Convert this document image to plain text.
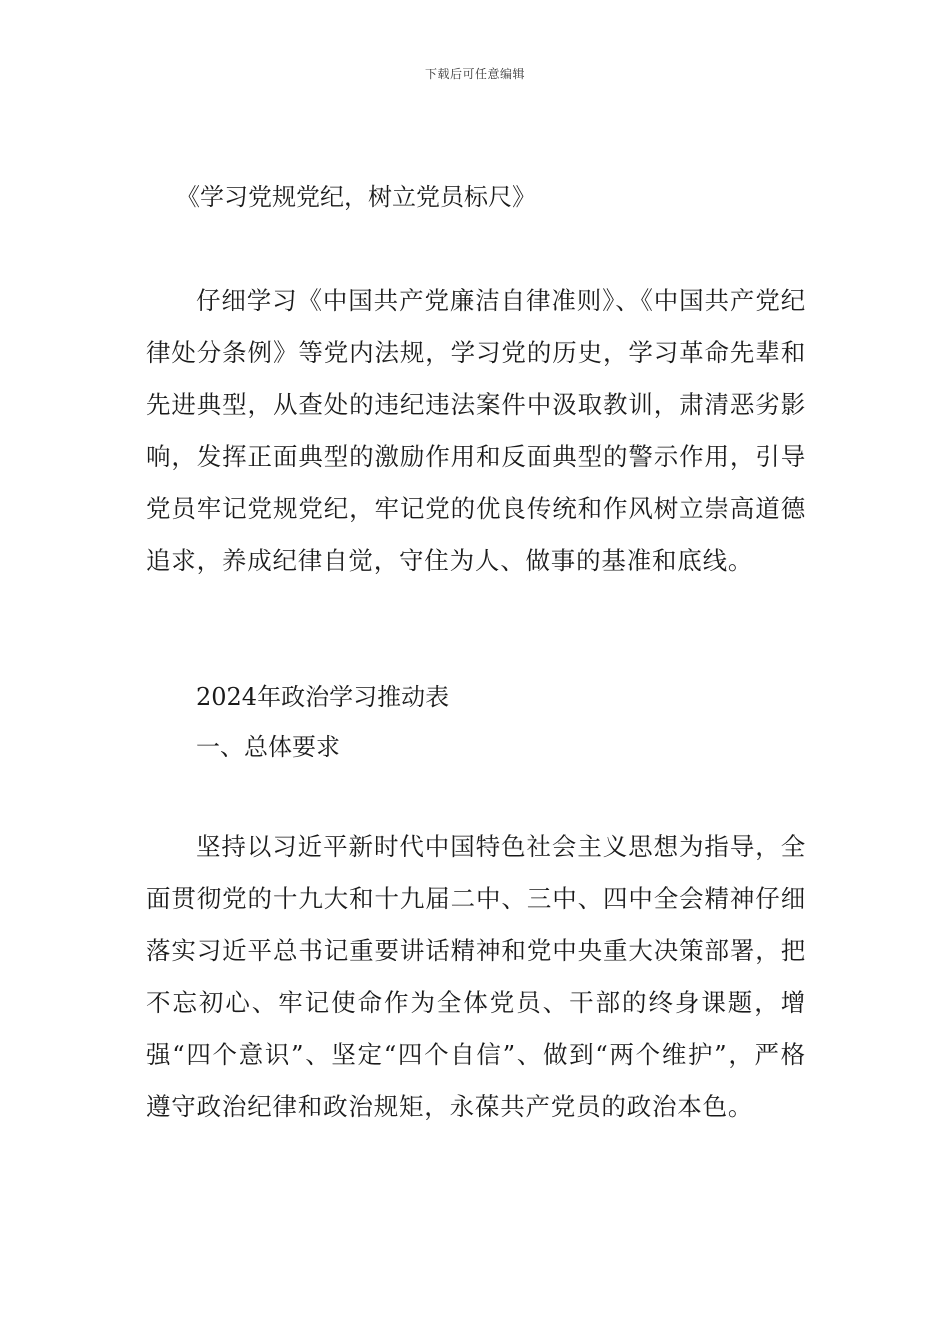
下载后可任意编辑
《学习党规党纪，树立党员标尺》

仔细学习《中国共产党廉洁自律准则》、《中国共产党纪律处分条例》等党内法规，学习党的历史，学习革命先辈和先进典型，从查处的违纪违法案件中汲取教训，肃清恶劣影响，发挥正面典型的激励作用和反面典型的警示作用，引导党员牢记党规党纪，牢记党的优良传统和作风树立崇高道德追求，养成纪律自觉，守住为人、做事的基准和底线。

2024年政治学习推动表
一、总体要求

坚持以习近平新时代中国特色社会主义思想为指导，全面贯彻党的十九大和十九届二中、三中、四中全会精神仔细落实习近平总书记重要讲话精神和党中央重大决策部署，把不忘初心、牢记使命作为全体党员、干部的终身课题，增强“四个意识”、坚定“四个自信”、做到“两个维护”，严格遵守政治纪律和政治规矩，永葆共产党员的政治本色。
